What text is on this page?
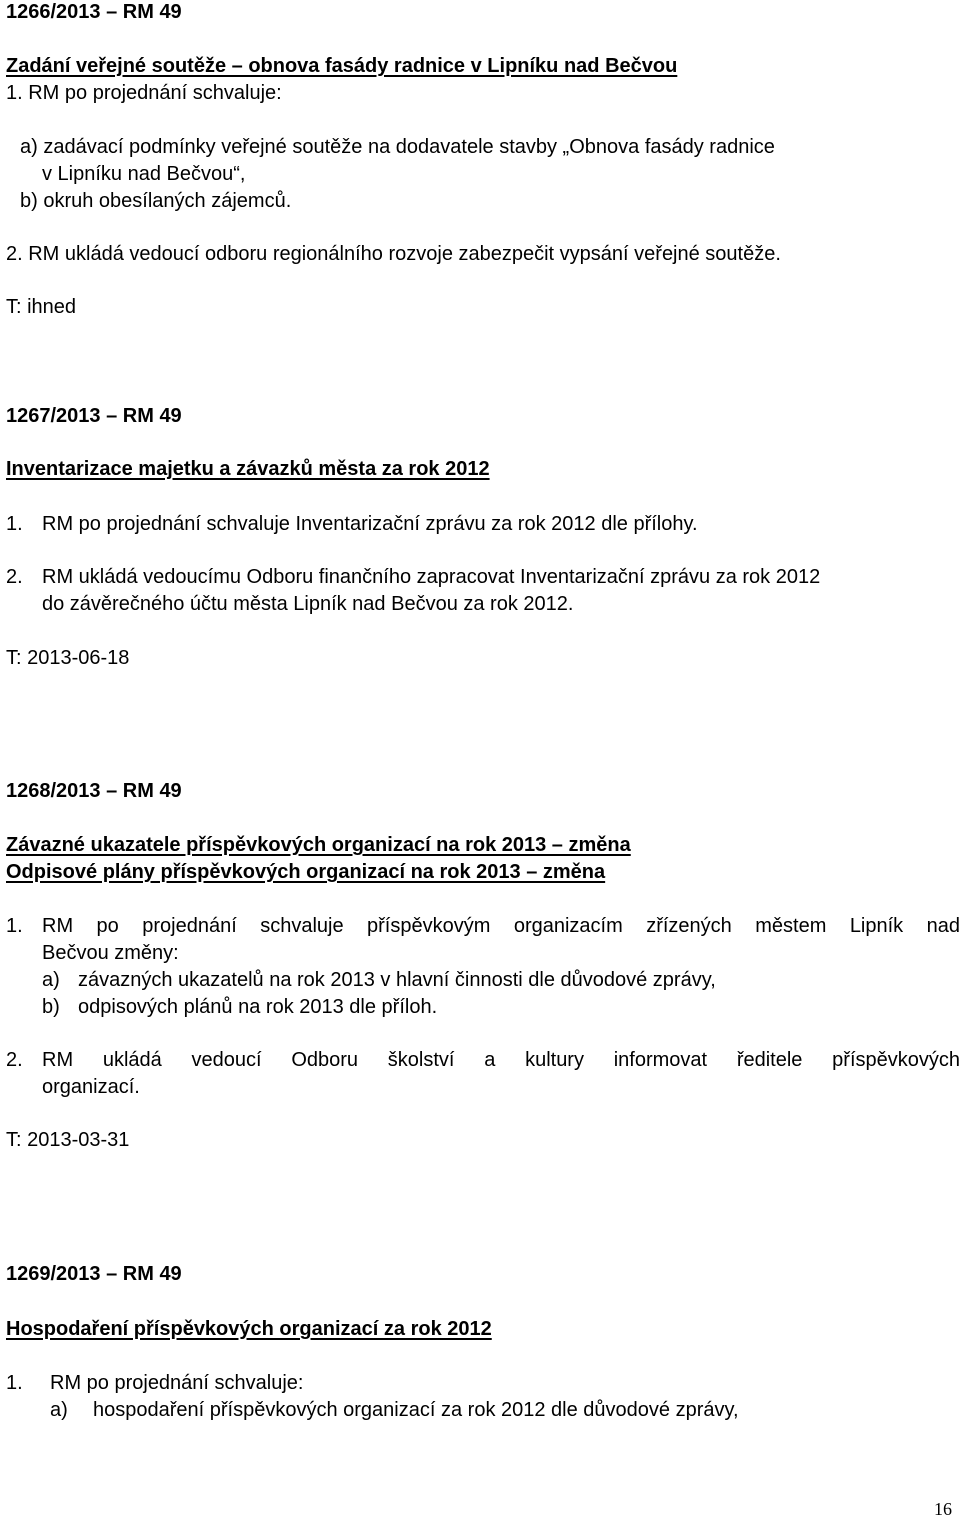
1266/2013 – RM 49
Zadání veřejné soutěže – obnova fasády radnice v Lipníku nad Bečvou
1. RM po projednání schvaluje:
a) zadávací podmínky veřejné soutěže na dodavatele stavby „Obnova fasády radnice
v Lipníku nad Bečvou“,
b) okruh obesílaných zájemců.
2. RM ukládá vedoucí odboru regionálního rozvoje zabezpečit vypsání veřejné soutěže.
T: ihned
1267/2013 – RM 49
Inventarizace majetku a závazků města za rok 2012
1. RM po projednání schvaluje Inventarizační zprávu za rok 2012 dle přílohy.
2. RM ukládá vedoucímu Odboru finančního zapracovat Inventarizační zprávu za rok 2012
do závěrečného účtu města Lipník nad Bečvou za rok 2012.
T: 2013-06-18
1268/2013 – RM 49
Závazné ukazatele příspěvkových organizací na rok 2013 – změna
Odpisové plány příspěvkových organizací na rok 2013 – změna
1. RM po projednání schvaluje příspěvkovým organizacím zřízených městem Lipník nad
Bečvou změny:
a) závazných ukazatelů na rok 2013 v hlavní činnosti dle důvodové zprávy,
b) odpisových plánů na rok 2013 dle příloh.
2. RM ukládá vedoucí Odboru školství a kultury informovat ředitele příspěvkových
organizací.
T: 2013-03-31
1269/2013 – RM 49
Hospodaření příspěvkových organizací za rok 2012
1. RM po projednání schvaluje:
a) hospodaření příspěvkových organizací za rok 2012 dle důvodové zprávy,
16
